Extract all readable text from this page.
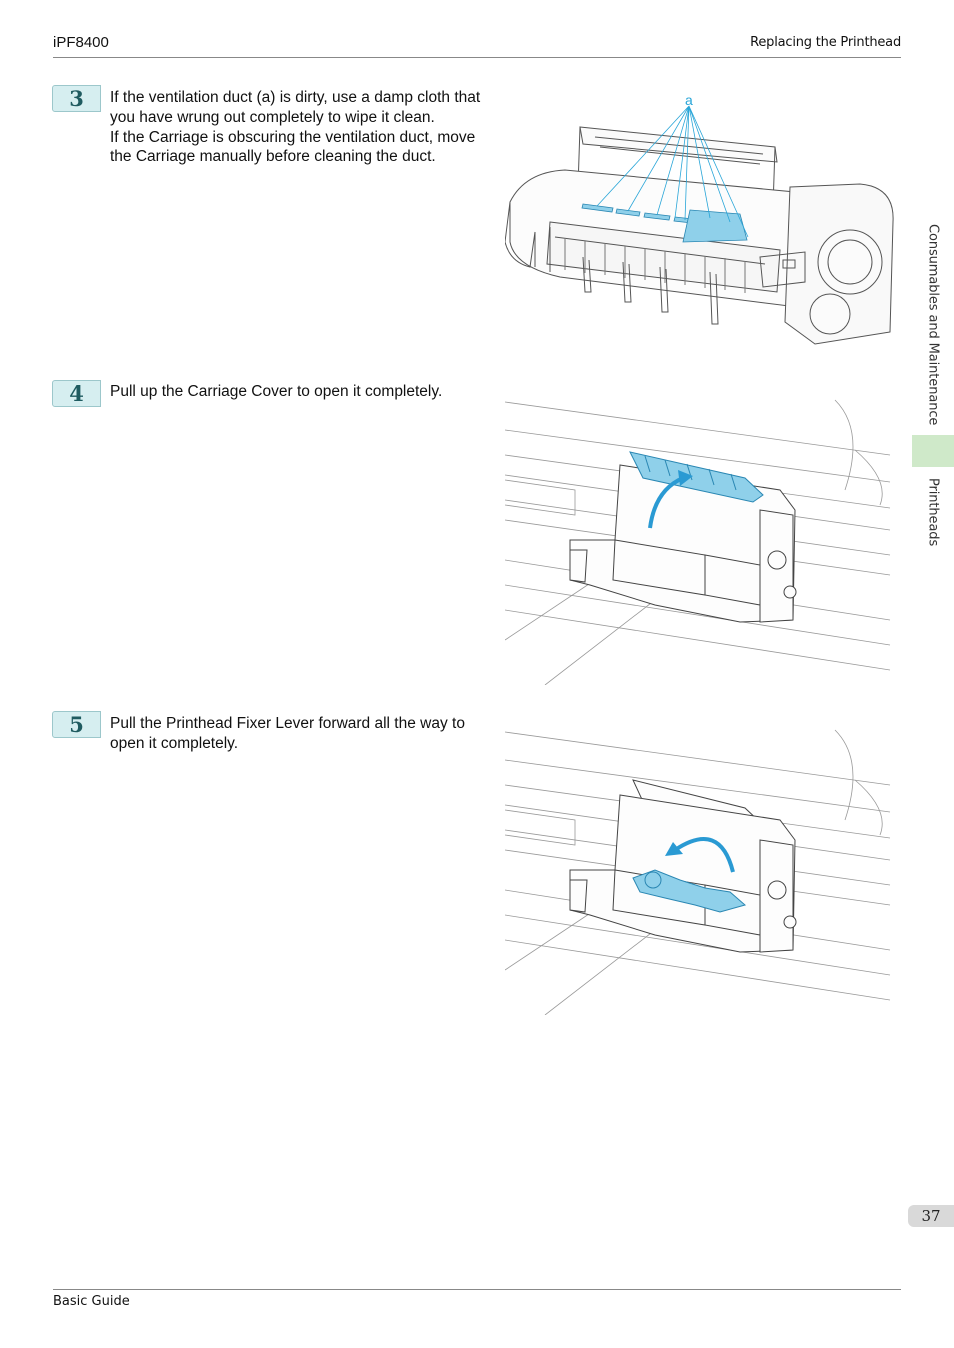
iPF8400	Replacing the Printhead
3	If the ventilation duct (a) is dirty, use a damp cloth that you have wrung out completely to wipe it clean.

If the Carriage is obscuring the ventilation duct, move the Carriage manually before cleaning the duct.

a
4	Pull up the Carriage Cover to open it completely.

5	Pull the Printhead Fixer Lever forward all the way to open it completely.

Consumables and Maintenance
Printheads
37
Basic Guide
